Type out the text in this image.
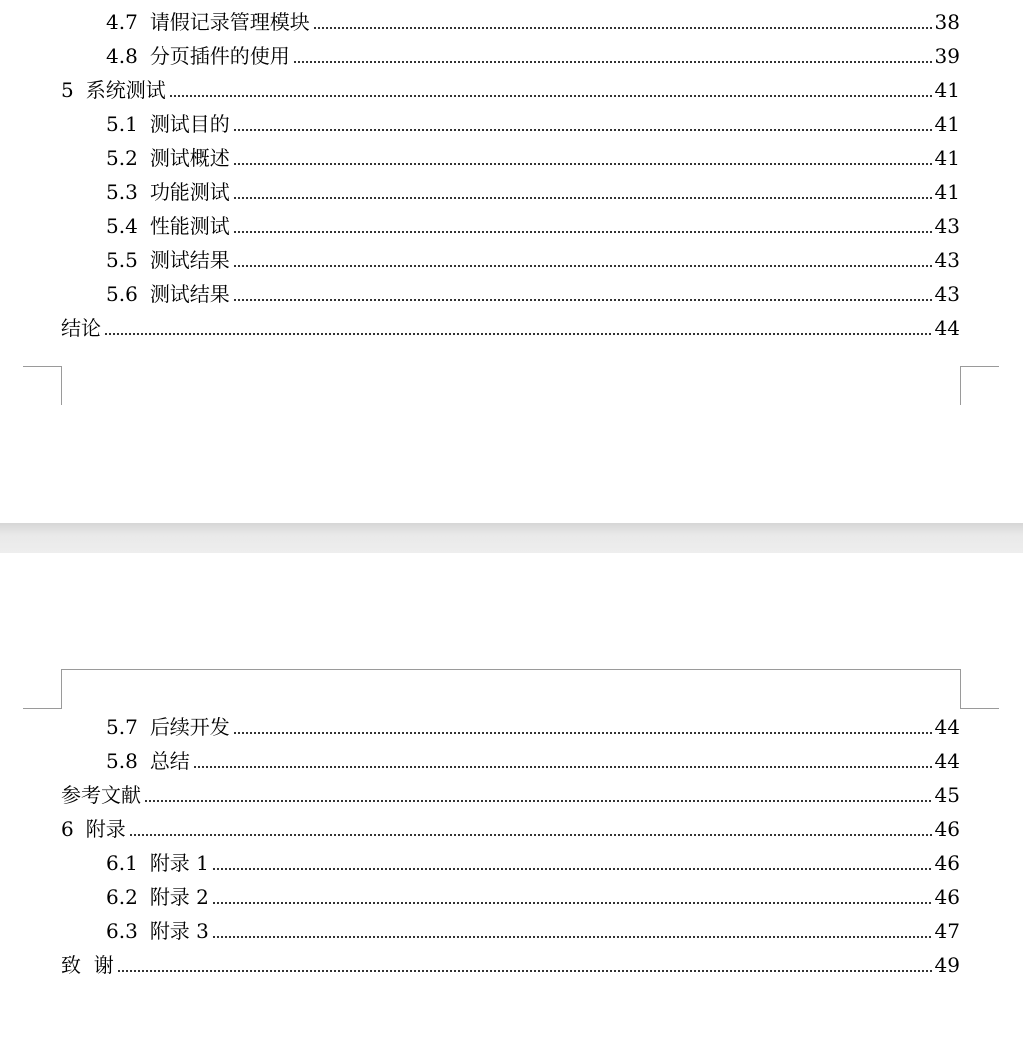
4.7 请假记录管理模块	38
4.8 分页插件的使用	39
5 系统测试	41
5.1 测试目的	41
5.2 测试概述	41
5.3 功能测试	41
5.4 性能测试	43
5.5 测试结果	43
5.6 测试结果	43
结论	44
5.7 后续开发	44
5.8 总结	44
参考文献	45
6 附录	46
6.1 附录 1	46
6.2 附录 2	46
6.3 附录 3	47
致  谢	49
